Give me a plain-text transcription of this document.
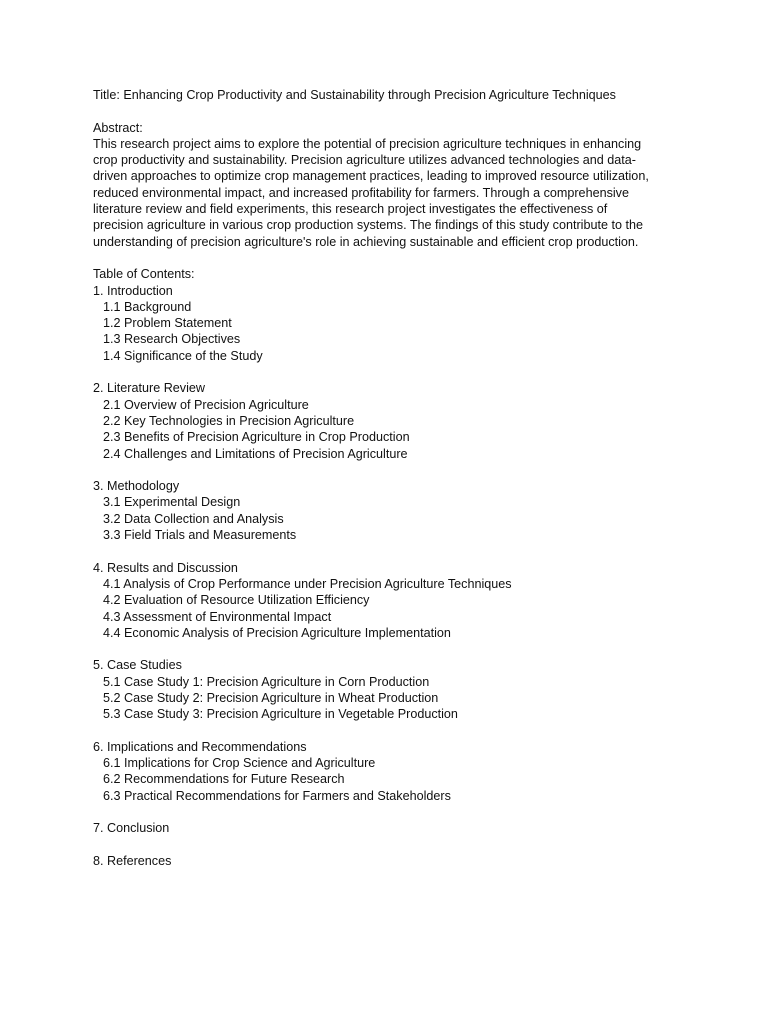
Title: Enhancing Crop Productivity and Sustainability through Precision Agriculture Techniques
Abstract:
This research project aims to explore the potential of precision agriculture techniques in enhancing
crop productivity and sustainability. Precision agriculture utilizes advanced technologies and data-
driven approaches to optimize crop management practices, leading to improved resource utilization,
reduced environmental impact, and increased profitability for farmers. Through a comprehensive
literature review and field experiments, this research project investigates the effectiveness of
precision agriculture in various crop production systems. The findings of this study contribute to the
understanding of precision agriculture's role in achieving sustainable and efficient crop production.
Table of Contents:
1. Introduction
1.1 Background
1.2 Problem Statement
1.3 Research Objectives
1.4 Significance of the Study
2. Literature Review
2.1 Overview of Precision Agriculture
2.2 Key Technologies in Precision Agriculture
2.3 Benefits of Precision Agriculture in Crop Production
2.4 Challenges and Limitations of Precision Agriculture
3. Methodology
3.1 Experimental Design
3.2 Data Collection and Analysis
3.3 Field Trials and Measurements
4. Results and Discussion
4.1 Analysis of Crop Performance under Precision Agriculture Techniques
4.2 Evaluation of Resource Utilization Efficiency
4.3 Assessment of Environmental Impact
4.4 Economic Analysis of Precision Agriculture Implementation
5. Case Studies
5.1 Case Study 1: Precision Agriculture in Corn Production
5.2 Case Study 2: Precision Agriculture in Wheat Production
5.3 Case Study 3: Precision Agriculture in Vegetable Production
6. Implications and Recommendations
6.1 Implications for Crop Science and Agriculture
6.2 Recommendations for Future Research
6.3 Practical Recommendations for Farmers and Stakeholders
7. Conclusion
8. References
